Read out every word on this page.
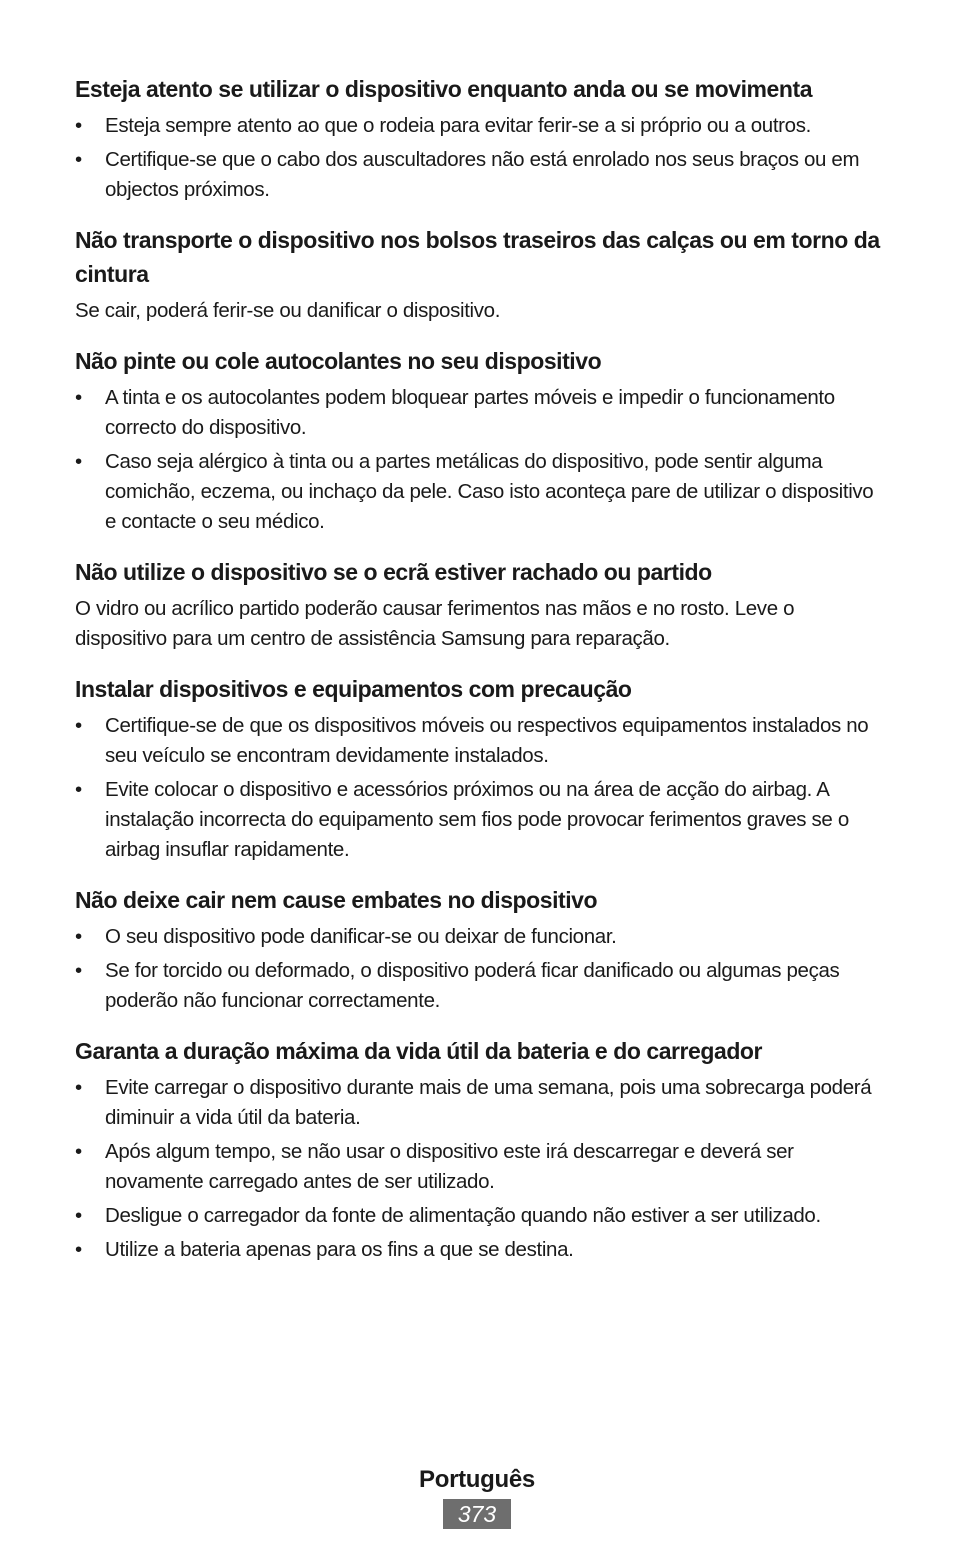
Esteja atento se utilizar o dispositivo enquanto anda ou se movimenta
• Esteja sempre atento ao que o rodeia para evitar ferir-se a si próprio ou a outros.
• Certifique-se que o cabo dos auscultadores não está enrolado nos seus braços ou em objectos próximos.
Não transporte o dispositivo nos bolsos traseiros das calças ou em torno da cintura

Se cair, poderá ferir-se ou danificar o dispositivo.

Não pinte ou cole autocolantes no seu dispositivo
• A tinta e os autocolantes podem bloquear partes móveis e impedir o funcionamento correcto do dispositivo.
• Caso seja alérgico à tinta ou a partes metálicas do dispositivo, pode sentir alguma comichão, eczema, ou inchaço da pele. Caso isto aconteça pare de utilizar o dispositivo e contacte o seu médico.
Não utilize o dispositivo se o ecrã estiver rachado ou partido

O vidro ou acrílico partido poderão causar ferimentos nas mãos e no rosto. Leve o dispositivo para um centro de assistência Samsung para reparação.

Instalar dispositivos e equipamentos com precaução
• Certifique-se de que os dispositivos móveis ou respectivos equipamentos instalados no seu veículo se encontram devidamente instalados.
• Evite colocar o dispositivo e acessórios próximos ou na área de acção do airbag. A instalação incorrecta do equipamento sem fios pode provocar ferimentos graves se o airbag insuflar rapidamente.
Não deixe cair nem cause embates no dispositivo
• O seu dispositivo pode danificar-se ou deixar de funcionar.
• Se for torcido ou deformado, o dispositivo poderá ficar danificado ou algumas peças poderão não funcionar correctamente.
Garanta a duração máxima da vida útil da bateria e do carregador
• Evite carregar o dispositivo durante mais de uma semana, pois uma sobrecarga poderá diminuir a vida útil da bateria.
• Após algum tempo, se não usar o dispositivo este irá descarregar e deverá ser novamente carregado antes de ser utilizado.
• Desligue o carregador da fonte de alimentação quando não estiver a ser utilizado.
• Utilize a bateria apenas para os fins a que se destina.
Português
373
